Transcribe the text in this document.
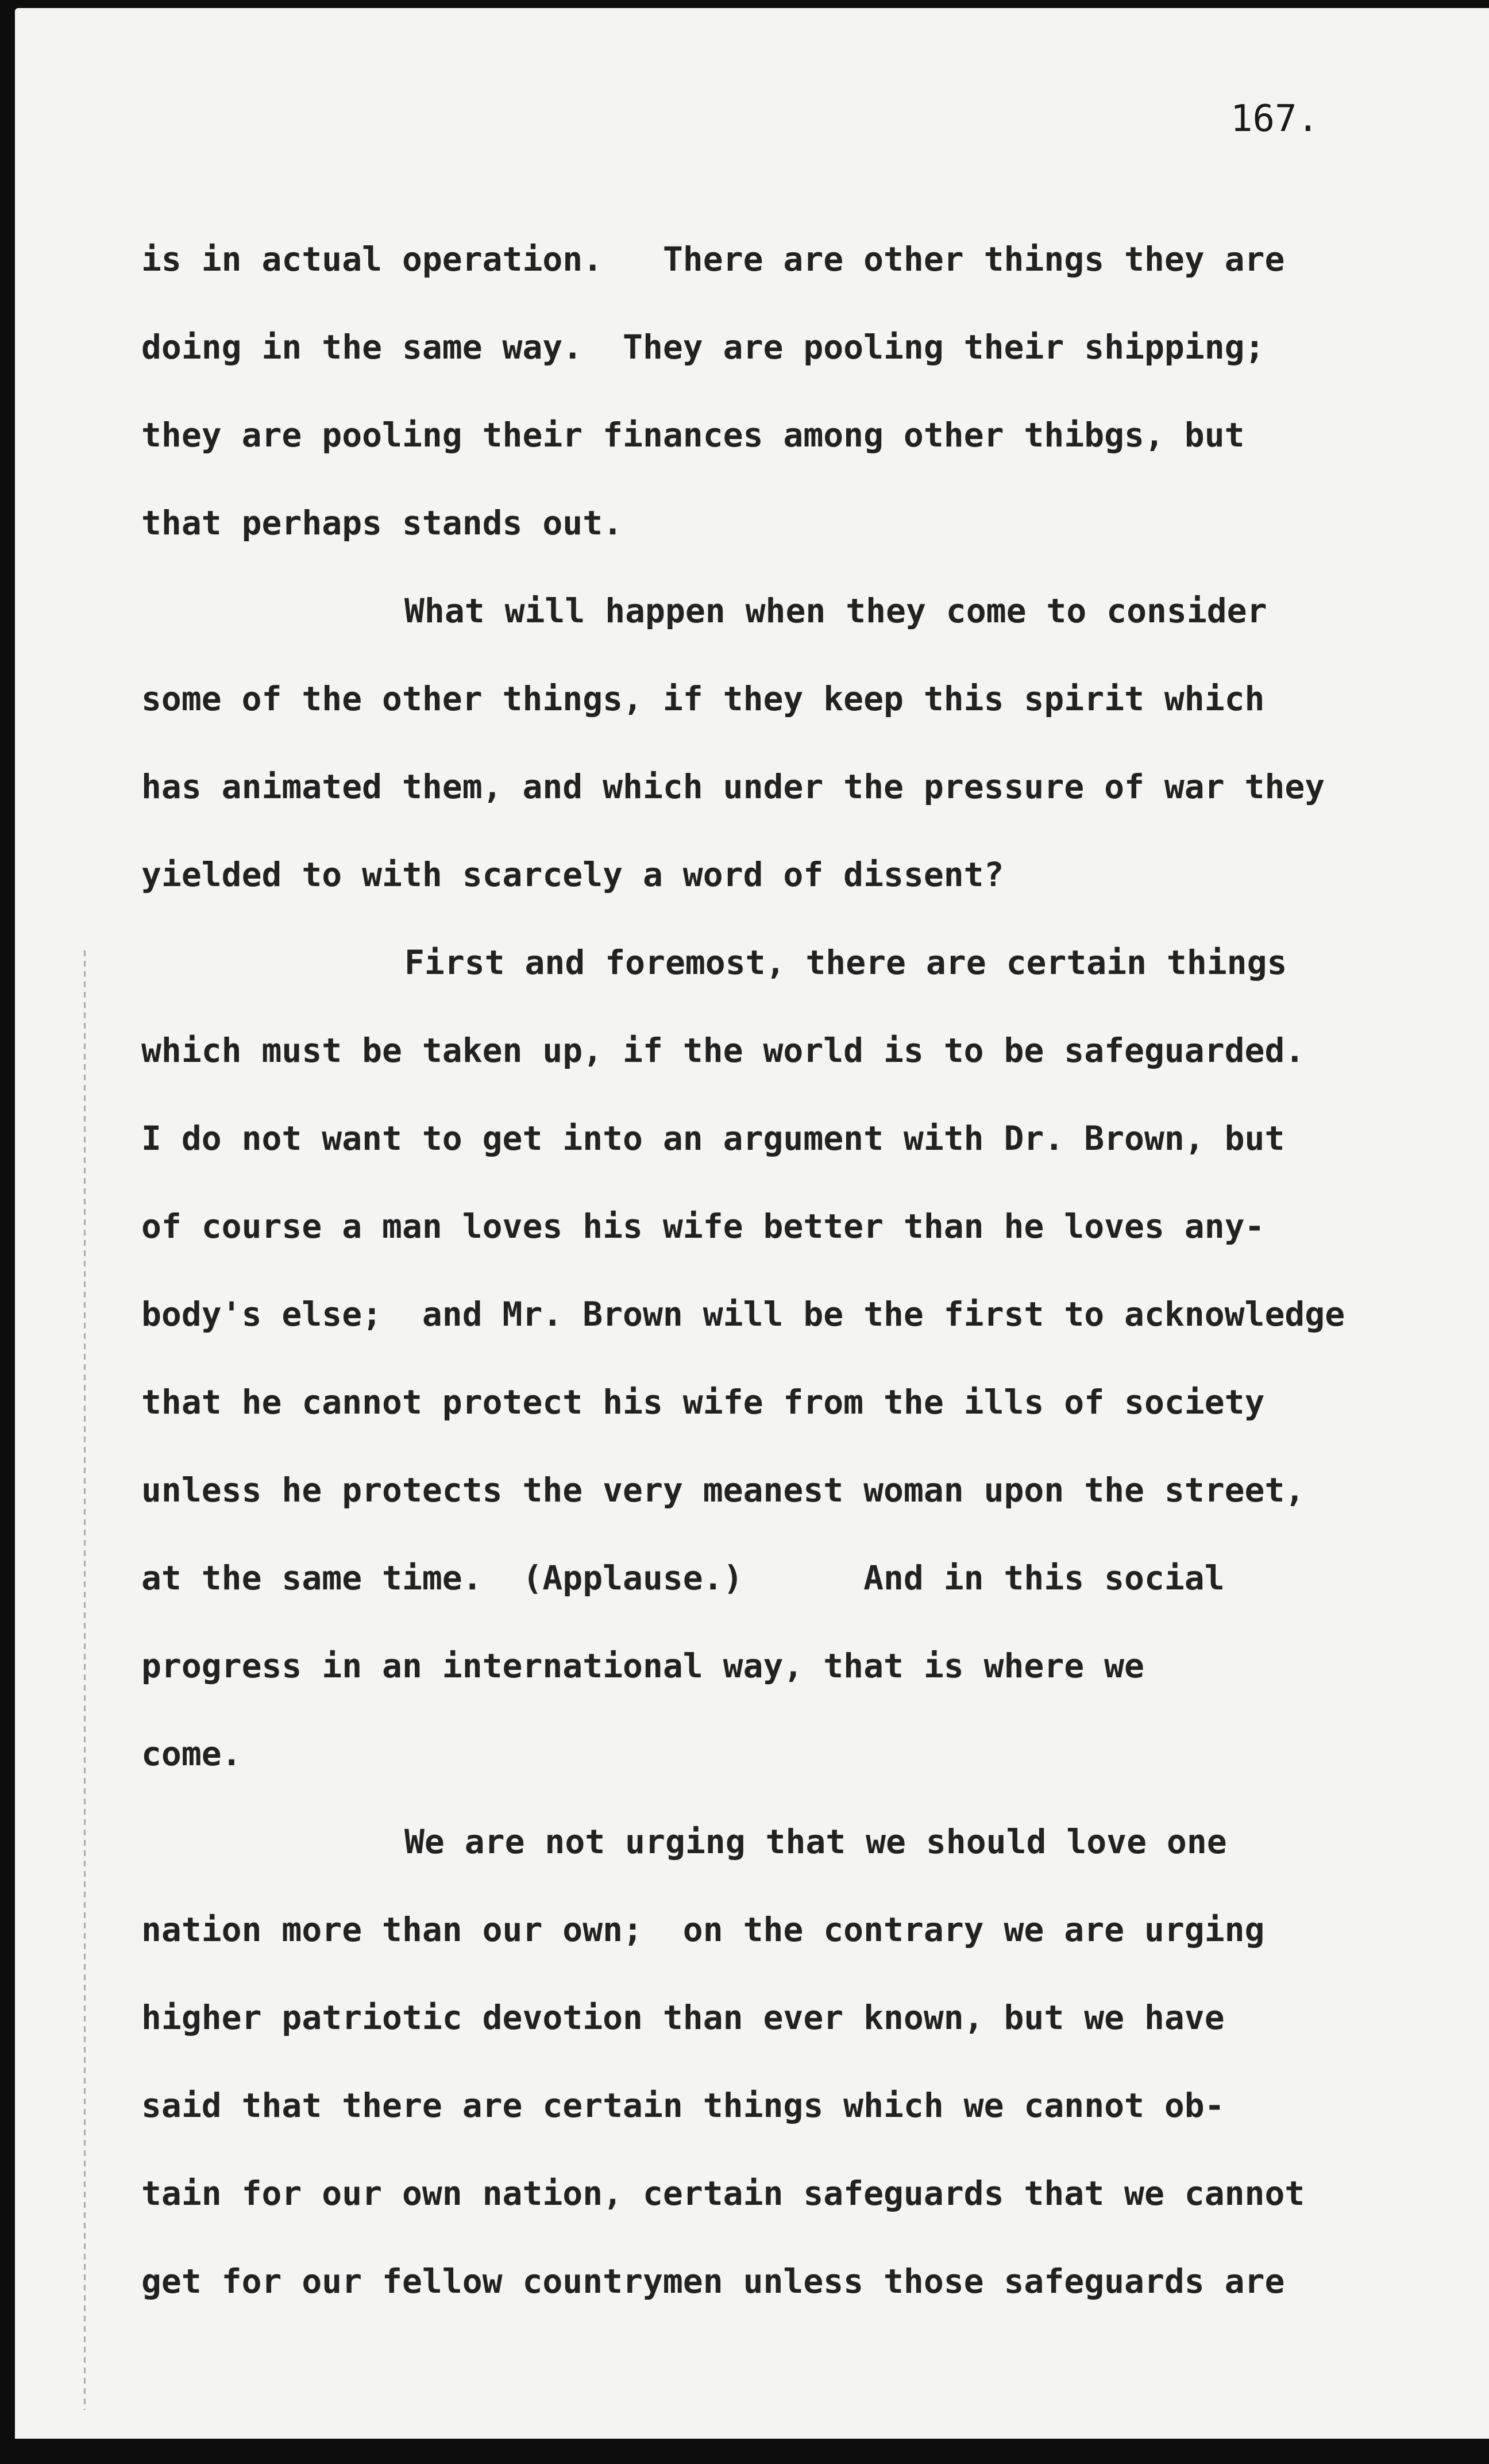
167.
is in actual operation.   There are other things they are
doing in the same way.  They are pooling their shipping;
they are pooling their finances among other thibgs, but
that perhaps stands out.
What will happen when they come to consider
some of the other things, if they keep this spirit which
has animated them, and which under the pressure of war they
yielded to with scarcely a word of dissent?
First and foremost, there are certain things
which must be taken up, if the world is to be safeguarded.
I do not want to get into an argument with Dr. Brown, but
of course a man loves his wife better than he loves any-
body's else;  and Mr. Brown will be the first to acknowledge
that he cannot protect his wife from the ills of society
unless he protects the very meanest woman upon the street,
at the same time.  (Applause.)      And in this social
progress in an international way, that is where we
come.
We are not urging that we should love one
nation more than our own;  on the contrary we are urging
higher patriotic devotion than ever known, but we have
said that there are certain things which we cannot ob-
tain for our own nation, certain safeguards that we cannot
get for our fellow countrymen unless those safeguards are
